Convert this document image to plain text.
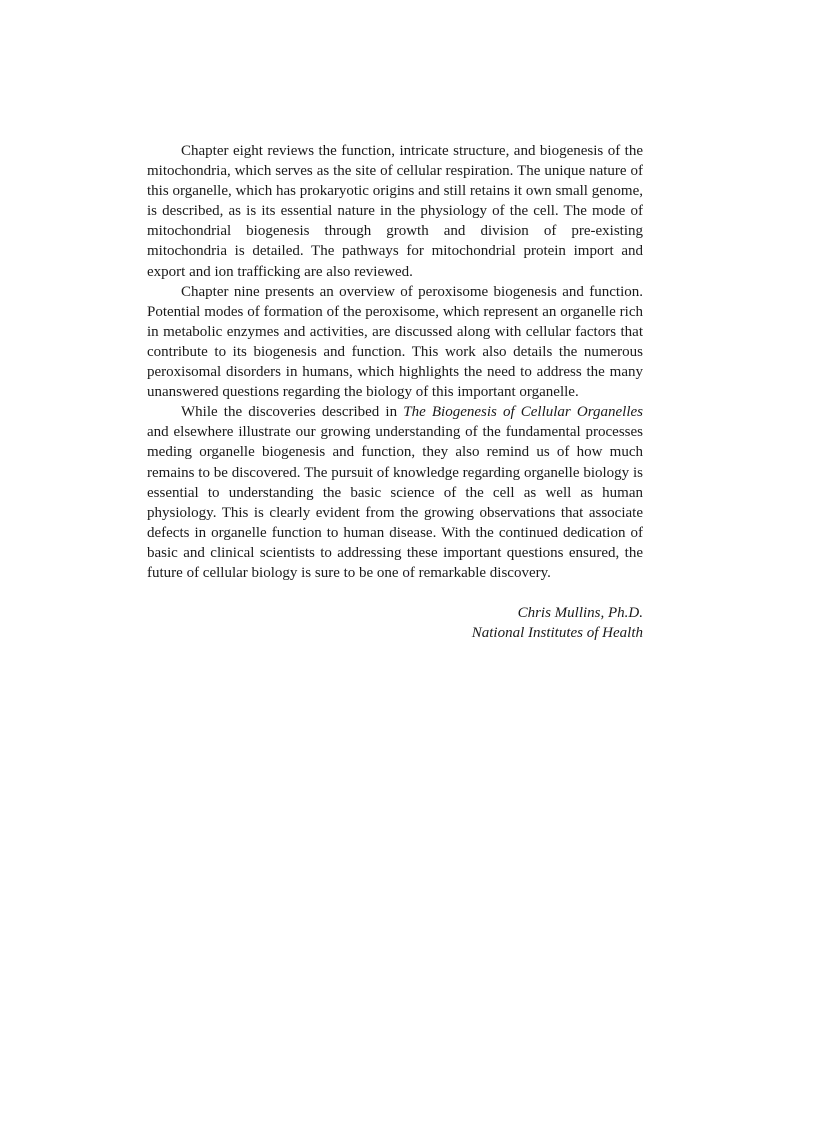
Chapter eight reviews the function, intricate structure, and biogenesis of the mitochondria, which serves as the site of cellular respiration. The unique nature of this organelle, which has prokaryotic origins and still retains it own small genome, is described, as is its essential nature in the physiology of the cell. The mode of mitochondrial biogenesis through growth and division of pre-existing mitochondria is detailed. The pathways for mitochondrial protein import and export and ion trafficking are also reviewed.

Chapter nine presents an overview of peroxisome biogenesis and function. Potential modes of formation of the peroxisome, which represent an organelle rich in metabolic enzymes and activities, are discussed along with cellular factors that contribute to its biogenesis and function. This work also details the numerous peroxisomal disorders in humans, which highlights the need to address the many unanswered questions regarding the biology of this important organelle.

While the discoveries described in The Biogenesis of Cellular Organelles and elsewhere illustrate our growing understanding of the fundamental processes meding organelle biogenesis and function, they also remind us of how much remains to be discovered. The pursuit of knowledge regarding organelle biology is essential to understanding the basic science of the cell as well as human physiology. This is clearly evident from the growing observations that associate defects in organelle function to human disease. With the continued dedication of basic and clinical scientists to addressing these important questions ensured, the future of cellular biology is sure to be one of remarkable discovery.

Chris Mullins, Ph.D.
National Institutes of Health
